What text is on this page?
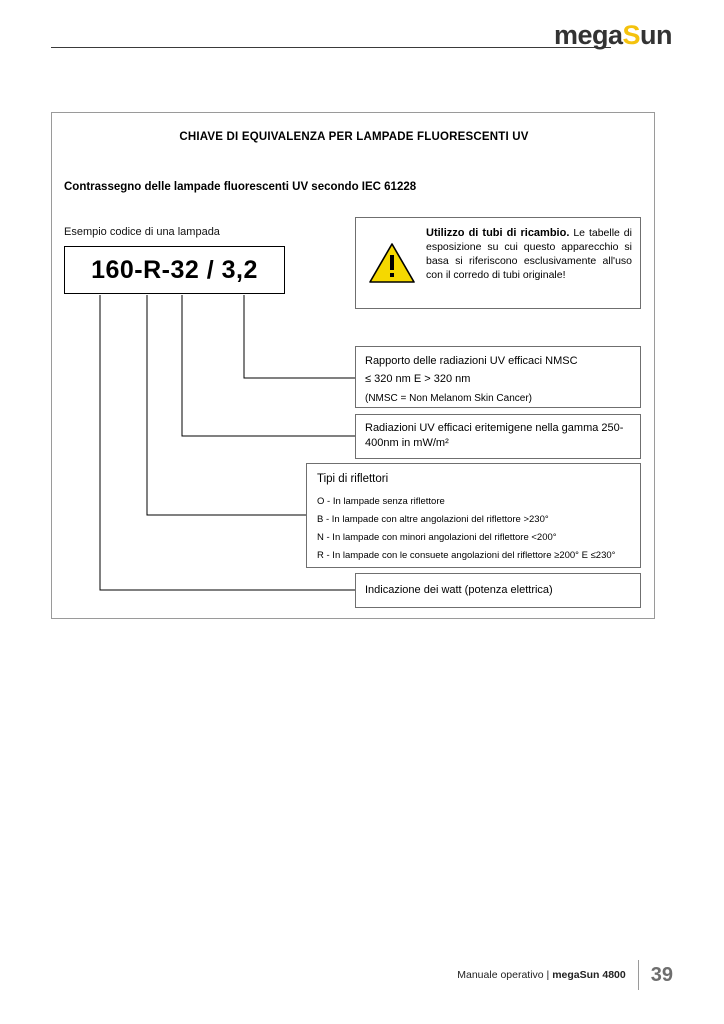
megaSun
CHIAVE DI EQUIVALENZA PER LAMPADE FLUORESCENTI UV
Contrassegno delle lampade fluorescenti UV secondo IEC 61228
Esempio codice di una lampada
160-R-32 / 3,2
Utilizzo di tubi di ricambio. Le tabelle di esposizione su cui questo apparecchio si basa si riferiscono esclusivamente all'uso con il corredo di tubi originale!
Rapporto delle radiazioni UV efficaci NMSC
≤ 320 nm E > 320 nm
(NMSC = Non Melanom Skin Cancer)
Radiazioni UV efficaci eritemigene nella gamma 250-
400nm in mW/m²
Tipi di riflettori
O - In lampade senza riflettore
B - In lampade con altre angolazioni del riflettore >230°
N - In lampade con minori angolazioni del riflettore <200°
R - In lampade con le consuete angolazioni del riflettore ≥200° E ≤230°
Indicazione dei watt (potenza elettrica)
Manuale operativo | megaSun 4800	39
